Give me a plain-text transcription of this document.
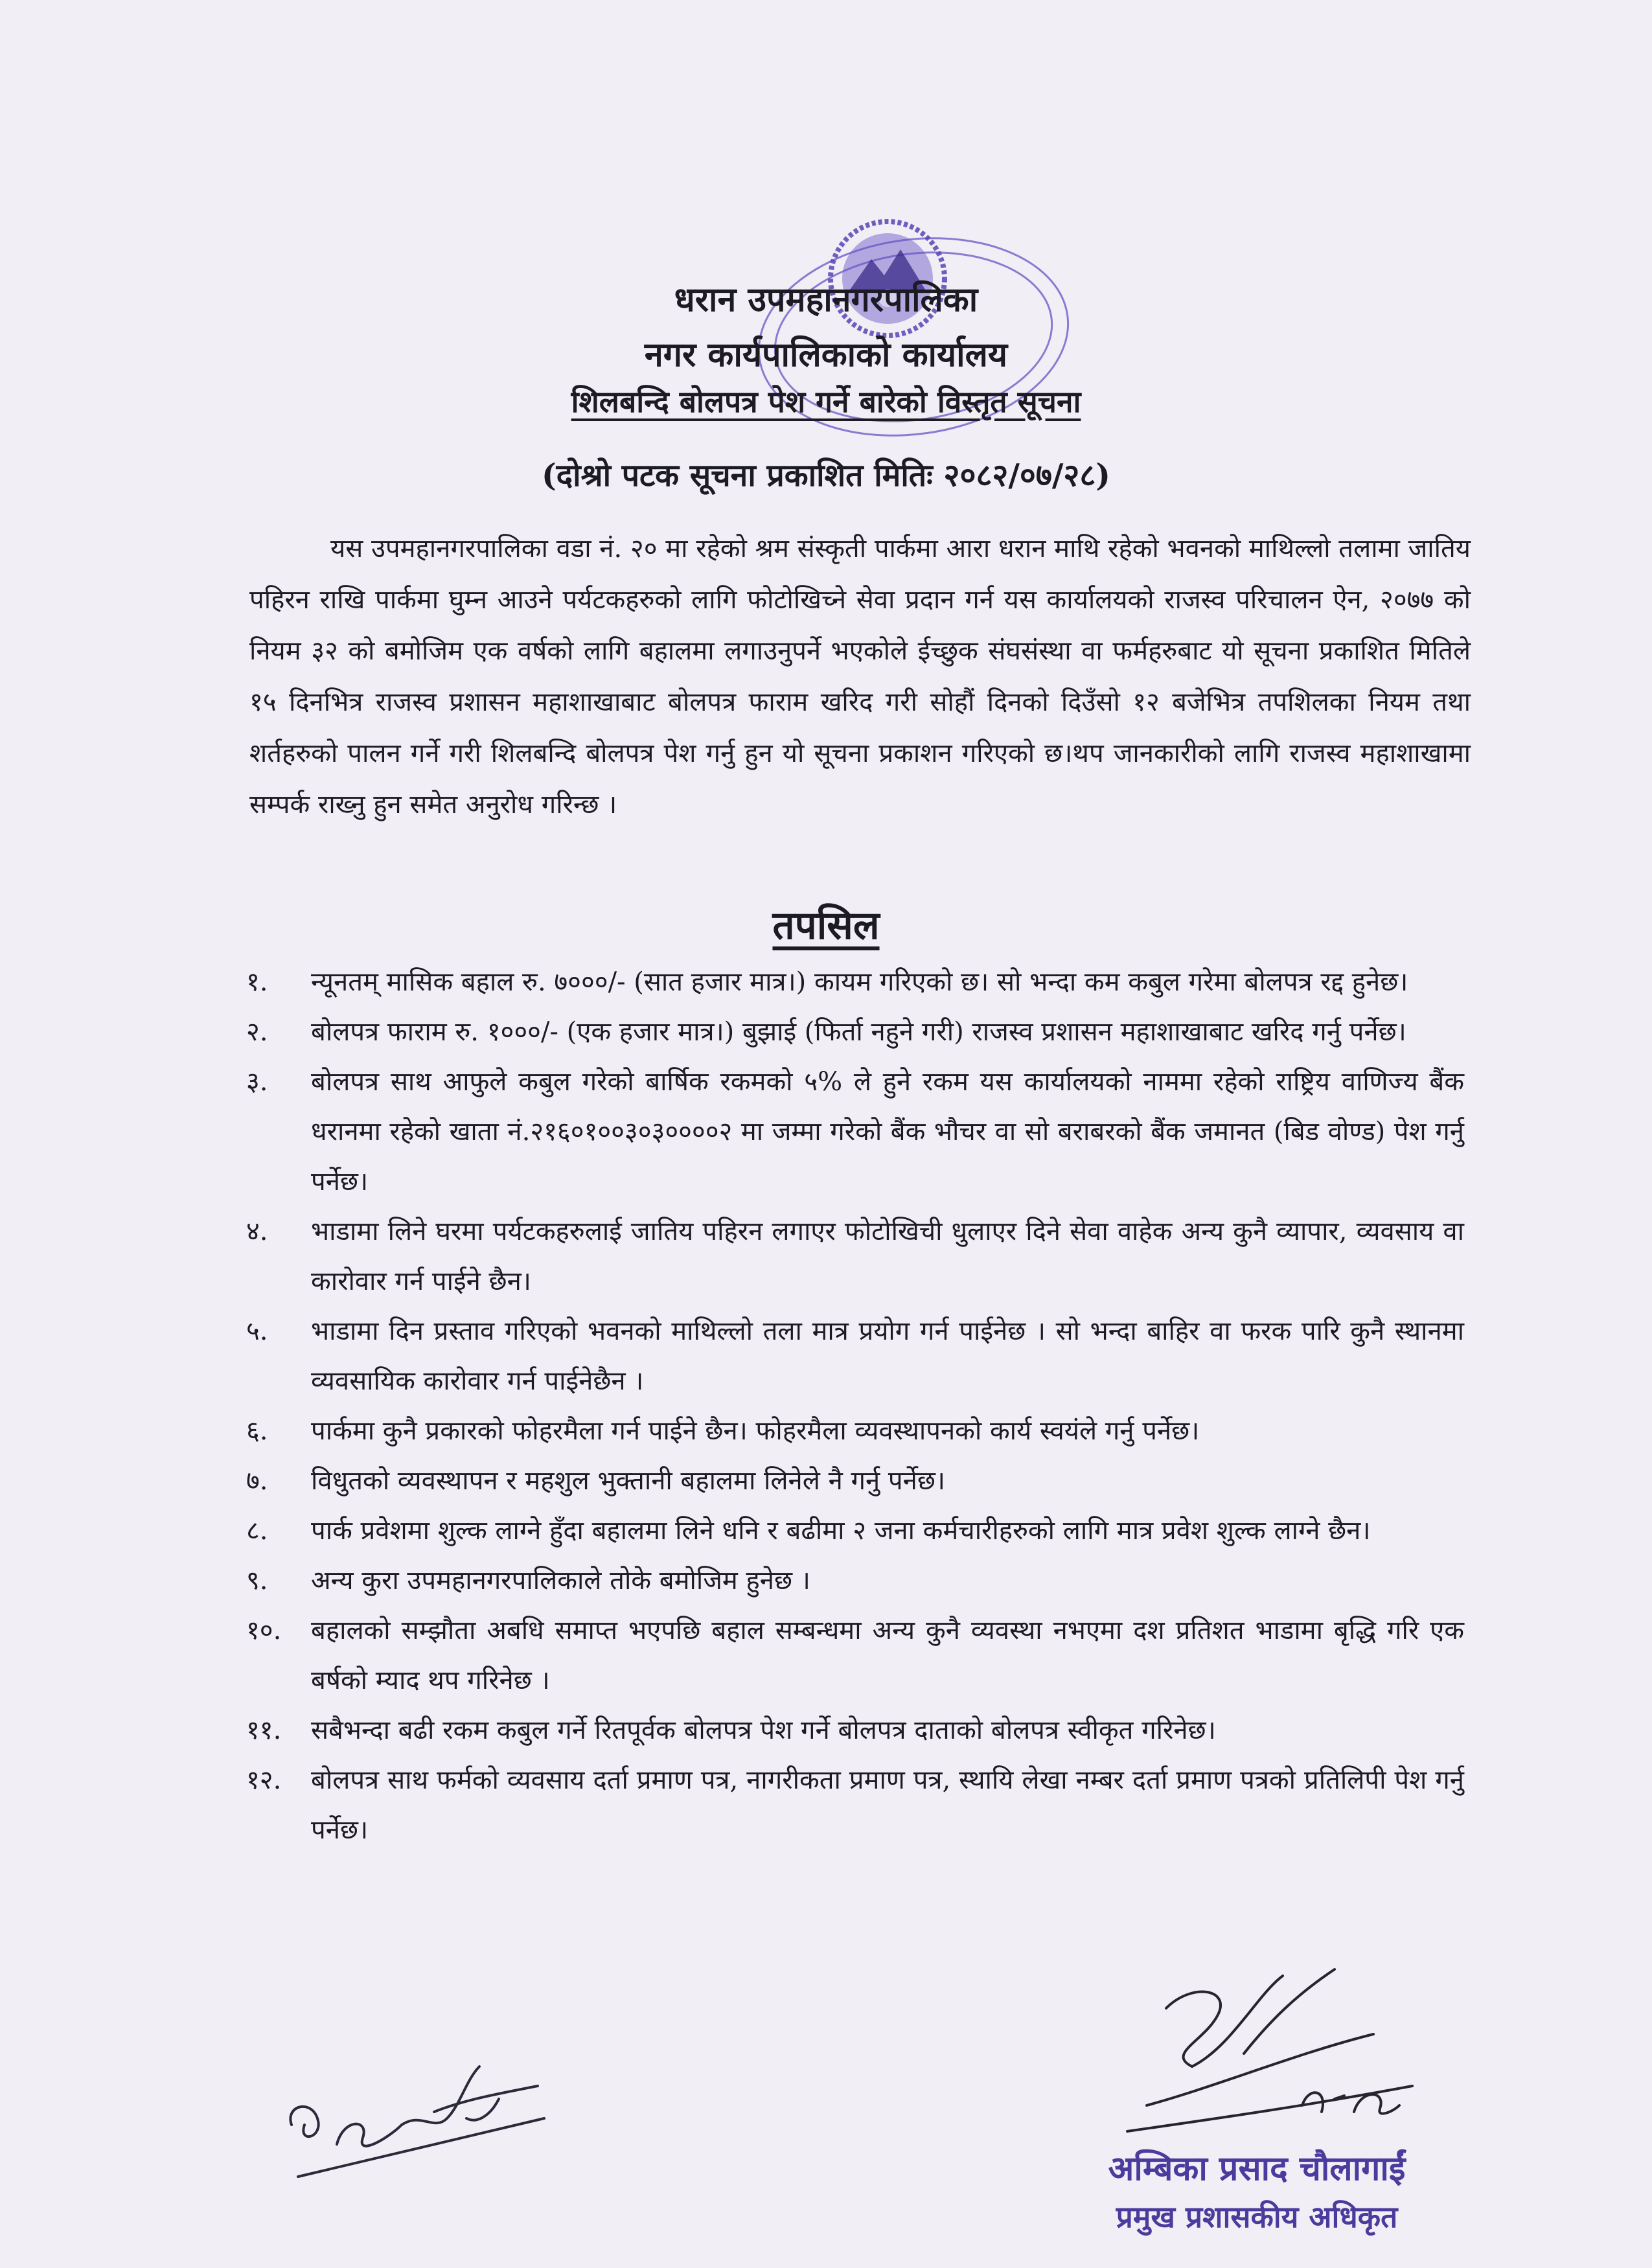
धरान उपमहानगरपालिका
नगर कार्यपालिकाको कार्यालय
शिलबन्दि बोलपत्र पेश गर्ने बारेको विस्तृत सूचना
(दोश्रो पटक सूचना प्रकाशित मितिः २०८२/०७/२८)

यस उपमहानगरपालिका वडा नं. २० मा रहेको श्रम संस्कृती पार्कमा आरा धरान माथि रहेको भवनको माथिल्लो तलामा जातिय पहिरन राखि पार्कमा घुम्न आउने पर्यटकहरुको लागि फोटोखिच्ने सेवा प्रदान गर्न यस कार्यालयको राजस्व परिचालन ऐन, २०७७ को नियम ३२ को बमोजिम एक वर्षको लागि बहालमा लगाउनुपर्ने भएकोले ईच्छुक संघसंस्था वा फर्महरुबाट यो सूचना प्रकाशित मितिले १५ दिनभित्र राजस्व प्रशासन महाशाखाबाट बोलपत्र फाराम खरिद गरी सोहौं दिनको दिउँसो १२ बजेभित्र तपशिलका नियम तथा शर्तहरुको पालन गर्ने गरी शिलबन्दि बोलपत्र पेश गर्नु हुन यो सूचना प्रकाशन गरिएको छ।थप जानकारीको लागि राजस्व महाशाखामा सम्पर्क राख्नु हुन समेत अनुरोध गरिन्छ ।

तपसिल
१.	न्यूनतम् मासिक बहाल रु. ७०००/- (सात हजार मात्र।) कायम गरिएको छ। सो भन्दा कम कबुल गरेमा बोलपत्र रद्द हुनेछ।
२.	बोलपत्र फाराम रु. १०००/- (एक हजार मात्र।) बुझाई (फिर्ता नहुने गरी) राजस्व प्रशासन महाशाखाबाट खरिद गर्नु पर्नेछ।
३.	बोलपत्र साथ आफुले कबुल गरेको बार्षिक रकमको ५% ले हुने रकम यस कार्यालयको नाममा रहेको राष्ट्रिय वाणिज्य बैंक धरानमा रहेको खाता नं.२१६०१००३०३००००२ मा जम्मा गरेको बैंक भौचर वा सो बराबरको बैंक जमानत (बिड वोण्ड) पेश गर्नु पर्नेछ।
४.	भाडामा लिने घरमा पर्यटकहरुलाई जातिय पहिरन लगाएर फोटोखिची धुलाएर दिने सेवा वाहेक अन्य कुनै व्यापार, व्यवसाय वा कारोवार गर्न पाईने छैन।
५.	भाडामा दिन प्रस्ताव गरिएको भवनको माथिल्लो तला मात्र प्रयोग गर्न पाईनेछ । सो भन्दा बाहिर वा फरक पारि कुनै स्थानमा व्यवसायिक कारोवार गर्न पाईनेछैन ।
६.	पार्कमा कुनै प्रकारको फोहरमैला गर्न पाईने छैन। फोहरमैला व्यवस्थापनको कार्य स्वयंले गर्नु पर्नेछ।
७.	विधुतको व्यवस्थापन र महशुल भुक्तानी बहालमा लिनेले नै गर्नु पर्नेछ।
८.	पार्क प्रवेशमा शुल्क लाग्ने हुँदा बहालमा लिने धनि र बढीमा २ जना कर्मचारीहरुको लागि मात्र प्रवेश शुल्क लाग्ने छैन।
९.	अन्य कुरा उपमहानगरपालिकाले तोके बमोजिम हुनेछ ।
१०.	बहालको सम्झौता अबधि समाप्त भएपछि बहाल सम्बन्धमा अन्य कुनै व्यवस्था नभएमा दश प्रतिशत भाडामा बृद्धि गरि एक बर्षको म्याद थप गरिनेछ ।
११.	सबैभन्दा बढी रकम कबुल गर्ने रितपूर्वक बोलपत्र पेश गर्ने बोलपत्र दाताको बोलपत्र स्वीकृत गरिनेछ।
१२.	बोलपत्र साथ फर्मको व्यवसाय दर्ता प्रमाण पत्र, नागरीकता प्रमाण पत्र, स्थायि लेखा नम्बर दर्ता प्रमाण पत्रको प्रतिलिपी पेश गर्नु पर्नेछ।
अम्बिका प्रसाद चौलागाईं
प्रमुख प्रशासकीय अधिकृत
